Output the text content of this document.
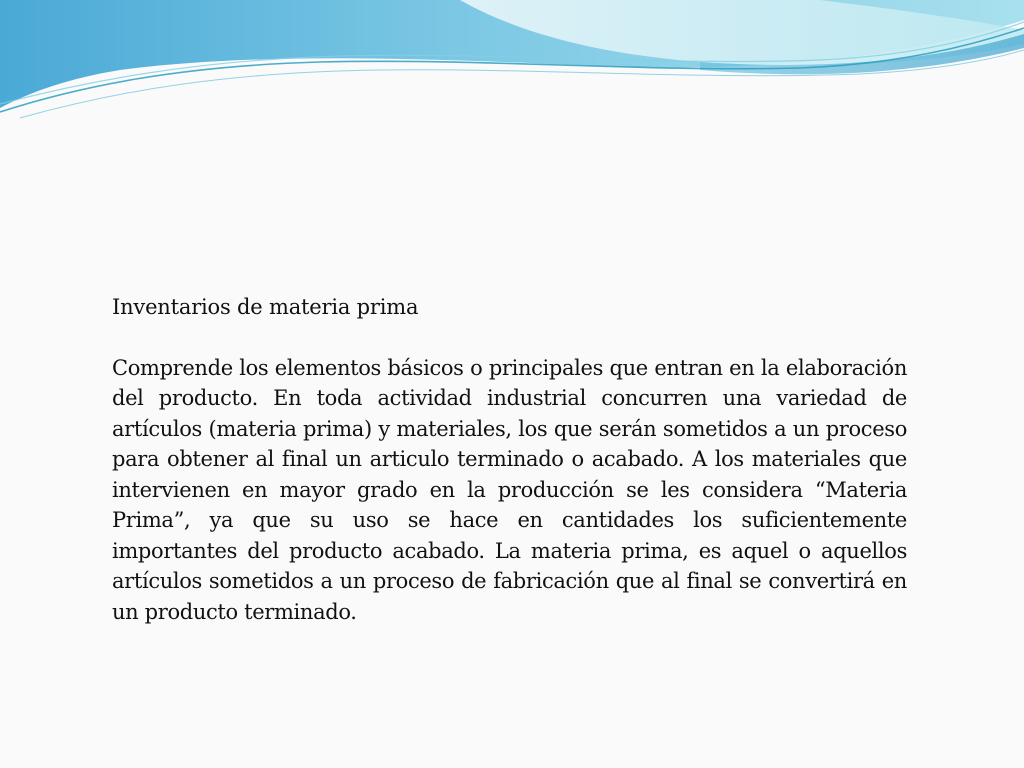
Inventarios de materia prima

Comprende los elementos básicos o principales que entran en la elaboración del producto. En toda actividad industrial concurren una variedad de artículos (materia prima) y materiales, los que serán sometidos a un proceso para obtener al final un articulo terminado o acabado. A los materiales que intervienen en mayor grado en la producción se les considera “Materia Prima”, ya que su uso se hace en cantidades los suficientemente importantes del producto acabado. La materia prima, es aquel o aquellos artículos sometidos a un proceso de fabricación que al final se convertirá en un producto terminado.
